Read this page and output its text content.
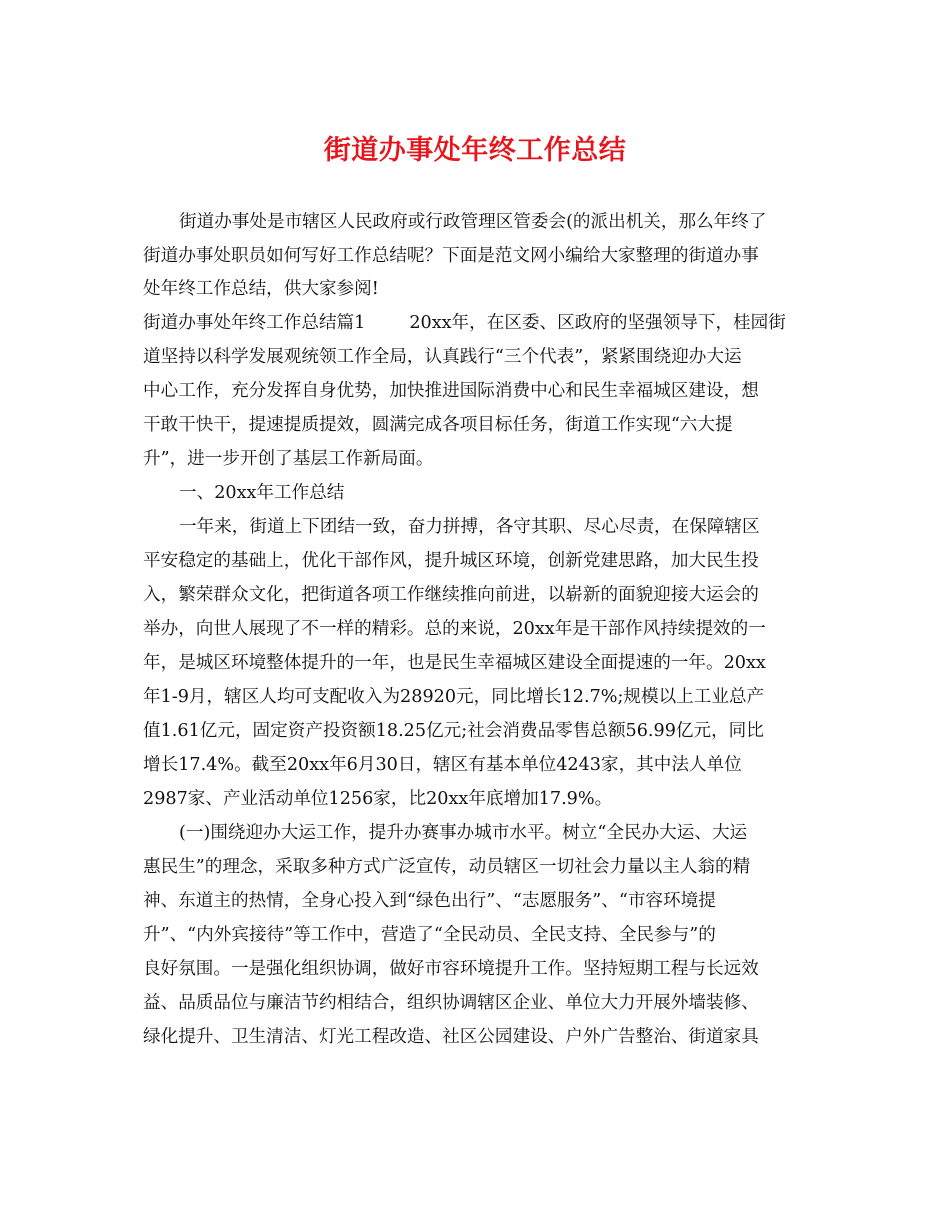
街道办事处年终工作总结
街道办事处是市辖区人民政府或行政管理区管委会(的派出机关，那么年终了
街道办事处职员如何写好工作总结呢？下面是范文网小编给大家整理的街道办事
处年终工作总结，供大家参阅!
街道办事处年终工作总结篇1	20xx年，在区委、区政府的坚强领导下，桂园街
道坚持以科学发展观统领工作全局，认真践行“三个代表”，紧紧围绕迎办大运
中心工作，充分发挥自身优势，加快推进国际消费中心和民生幸福城区建设，想
干敢干快干，提速提质提效，圆满完成各项目标任务，街道工作实现“六大提
升”，进一步开创了基层工作新局面。
一、20xx年工作总结
一年来，街道上下团结一致，奋力拼搏，各守其职、尽心尽责，在保障辖区
平安稳定的基础上，优化干部作风，提升城区环境，创新党建思路，加大民生投
入，繁荣群众文化，把街道各项工作继续推向前进，以崭新的面貌迎接大运会的
举办，向世人展现了不一样的精彩。总的来说，20xx年是干部作风持续提效的一
年，是城区环境整体提升的一年，也是民生幸福城区建设全面提速的一年。20xx
年1-9月，辖区人均可支配收入为28920元，同比增长12.7%;规模以上工业总产
值1.61亿元，固定资产投资额18.25亿元;社会消费品零售总额56.99亿元，同比
增长17.4%。截至20xx年6月30日，辖区有基本单位4243家，其中法人单位
2987家、产业活动单位1256家，比20xx年底增加17.9%。
(一)围绕迎办大运工作，提升办赛事办城市水平。树立“全民办大运、大运
惠民生”的理念，采取多种方式广泛宣传，动员辖区一切社会力量以主人翁的精
神、东道主的热情，全身心投入到“绿色出行”、“志愿服务”、“市容环境提
升”、“内外宾接待”等工作中，营造了“全民动员、全民支持、全民参与”的
良好氛围。一是强化组织协调，做好市容环境提升工作。坚持短期工程与长远效
益、品质品位与廉洁节约相结合，组织协调辖区企业、单位大力开展外墙装修、
绿化提升、卫生清洁、灯光工程改造、社区公园建设、户外广告整治、街道家具
